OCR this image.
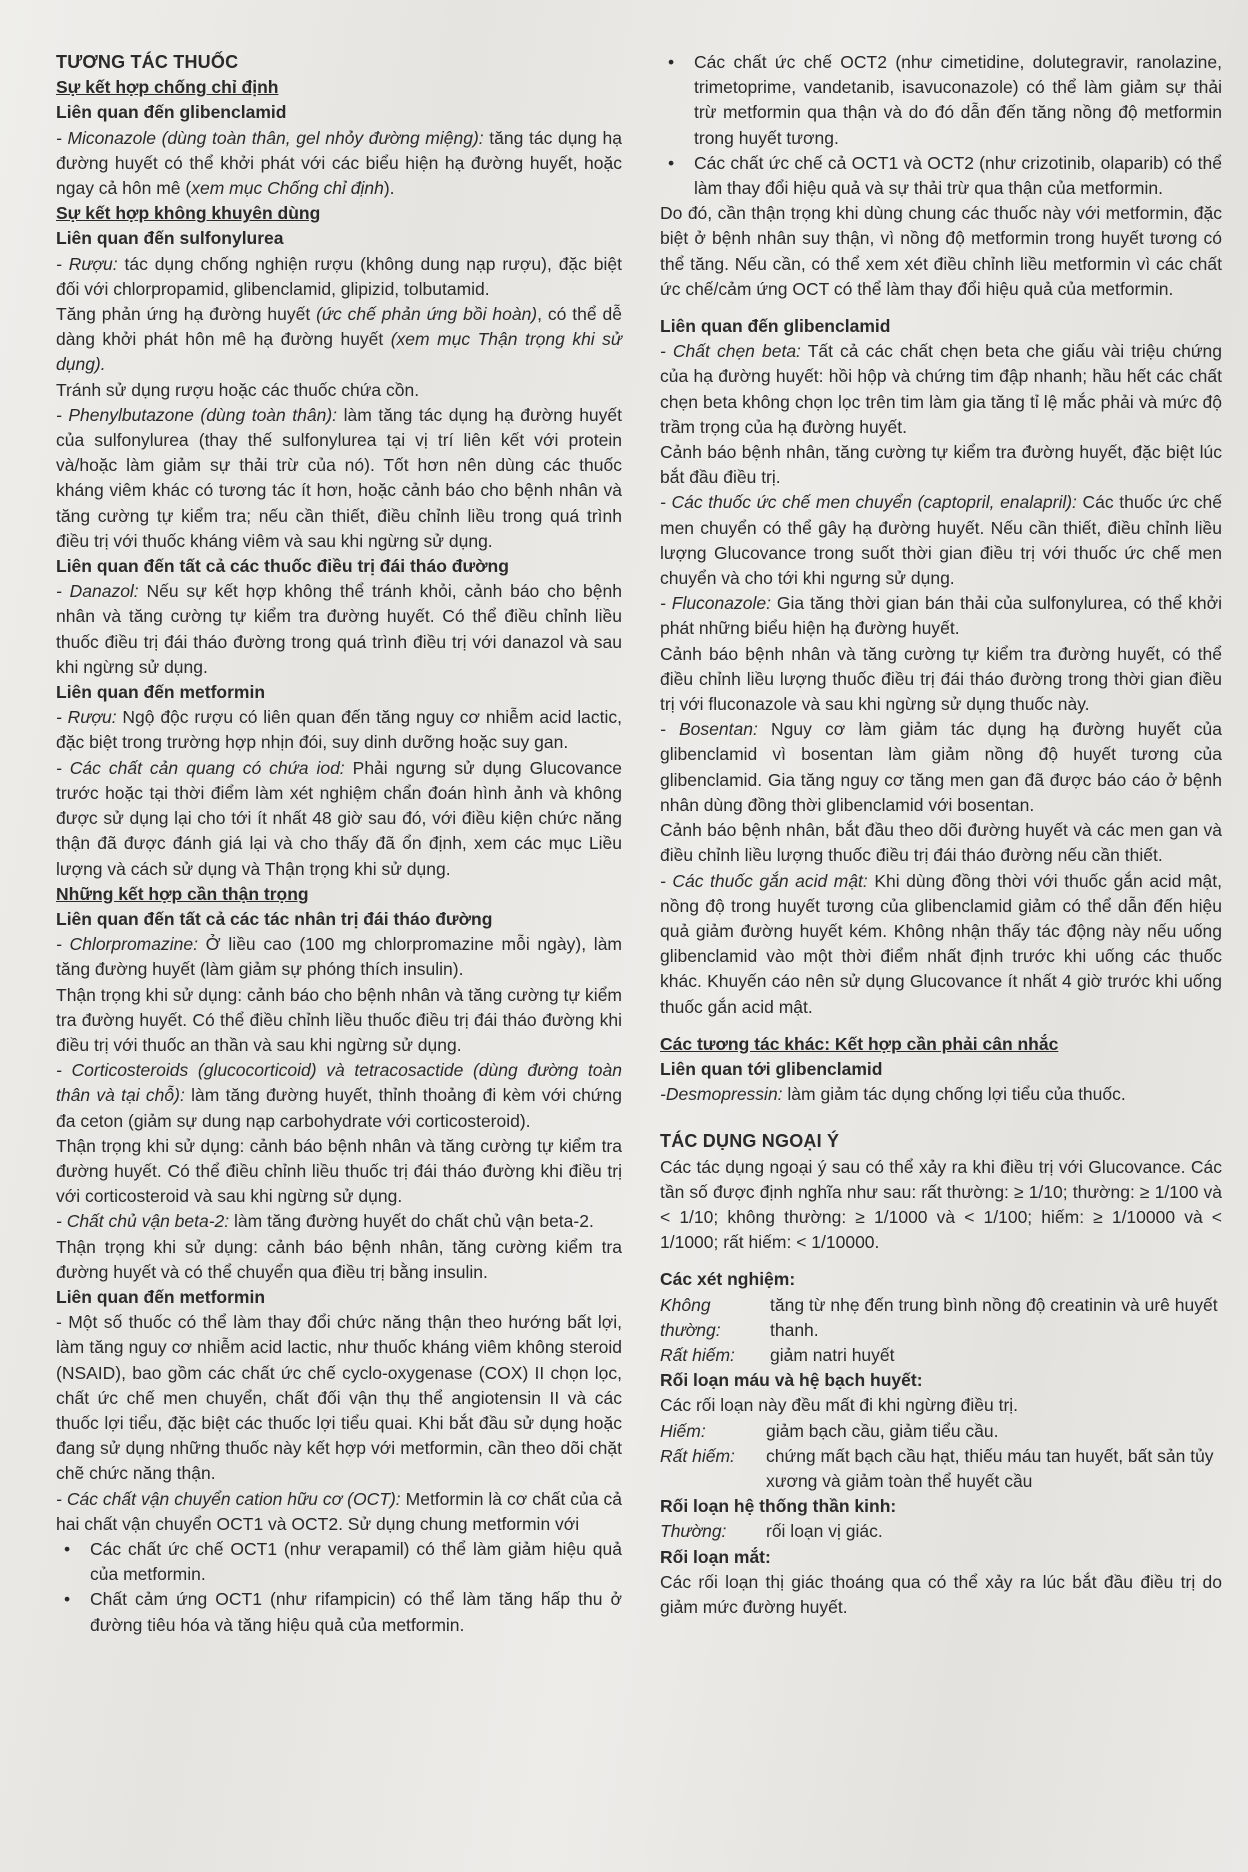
TƯƠNG TÁC THUỐC

Sự kết hợp chống chỉ định

Liên quan đến glibenclamid

- Miconazole (dùng toàn thân, gel nhỏy đường miệng): tăng tác dụng hạ đường huyết có thể khởi phát với các biểu hiện hạ đường huyết, hoặc ngay cả hôn mê (xem mục Chống chỉ định).

Sự kết hợp không khuyên dùng

Liên quan đến sulfonylurea

- Rượu: tác dụng chống nghiện rượu (không dung nạp rượu), đặc biệt đối với chlorpropamid, glibenclamid, glipizid, tolbutamid.

Tăng phản ứng hạ đường huyết (ức chế phản ứng bồi hoàn), có thể dễ dàng khởi phát hôn mê hạ đường huyết (xem mục Thận trọng khi sử dụng).

Tránh sử dụng rượu hoặc các thuốc chứa cồn.

- Phenylbutazone (dùng toàn thân): làm tăng tác dụng hạ đường huyết của sulfonylurea (thay thế sulfonylurea tại vị trí liên kết với protein và/hoặc làm giảm sự thải trừ của nó). Tốt hơn nên dùng các thuốc kháng viêm khác có tương tác ít hơn, hoặc cảnh báo cho bệnh nhân và tăng cường tự kiểm tra; nếu cần thiết, điều chỉnh liều trong quá trình điều trị với thuốc kháng viêm và sau khi ngừng sử dụng.

Liên quan đến tất cả các thuốc điều trị đái tháo đường

- Danazol: Nếu sự kết hợp không thể tránh khỏi, cảnh báo cho bệnh nhân và tăng cường tự kiểm tra đường huyết. Có thể điều chỉnh liều thuốc điều trị đái tháo đường trong quá trình điều trị với danazol và sau khi ngừng sử dụng.

Liên quan đến metformin

- Rượu: Ngộ độc rượu có liên quan đến tăng nguy cơ nhiễm acid lactic, đặc biệt trong trường hợp nhịn đói, suy dinh dưỡng hoặc suy gan.

- Các chất cản quang có chứa iod: Phải ngưng sử dụng Glucovance trước hoặc tại thời điểm làm xét nghiệm chẩn đoán hình ảnh và không được sử dụng lại cho tới ít nhất 48 giờ sau đó, với điều kiện chức năng thận đã được đánh giá lại và cho thấy đã ổn định, xem các mục Liều lượng và cách sử dụng và Thận trọng khi sử dụng.

Những kết hợp cần thận trọng

Liên quan đến tất cả các tác nhân trị đái tháo đường

- Chlorpromazine: Ở liều cao (100 mg chlorpromazine mỗi ngày), làm tăng đường huyết (làm giảm sự phóng thích insulin).

Thận trọng khi sử dụng: cảnh báo cho bệnh nhân và tăng cường tự kiểm tra đường huyết. Có thể điều chỉnh liều thuốc điều trị đái tháo đường khi điều trị với thuốc an thần và sau khi ngừng sử dụng.

- Corticosteroids (glucocorticoid) và tetracosactide (dùng đường toàn thân và tại chỗ): làm tăng đường huyết, thỉnh thoảng đi kèm với chứng đa ceton (giảm sự dung nạp carbohydrate với corticosteroid).

Thận trọng khi sử dụng: cảnh báo bệnh nhân và tăng cường tự kiểm tra đường huyết. Có thể điều chỉnh liều thuốc trị đái tháo đường khi điều trị với corticosteroid và sau khi ngừng sử dụng.

- Chất chủ vận beta-2: làm tăng đường huyết do chất chủ vận beta-2.

Thận trọng khi sử dụng: cảnh báo bệnh nhân, tăng cường kiểm tra đường huyết và có thể chuyển qua điều trị bằng insulin.

Liên quan đến metformin

- Một số thuốc có thể làm thay đổi chức năng thận theo hướng bất lợi, làm tăng nguy cơ nhiễm acid lactic, như thuốc kháng viêm không steroid (NSAID), bao gồm các chất ức chế cyclo-oxygenase (COX) II chọn lọc, chất ức chế men chuyển, chất đối vận thụ thể angiotensin II và các thuốc lợi tiểu, đặc biệt các thuốc lợi tiểu quai. Khi bắt đầu sử dụng hoặc đang sử dụng những thuốc này kết hợp với metformin, cần theo dõi chặt chẽ chức năng thận.

- Các chất vận chuyển cation hữu cơ (OCT): Metformin là cơ chất của cả hai chất vận chuyển OCT1 và OCT2. Sử dụng chung metformin với

• Các chất ức chế OCT1 (như verapamil) có thể làm giảm hiệu quả của metformin.
• Chất cảm ứng OCT1 (như rifampicin) có thể làm tăng hấp thu ở đường tiêu hóa và tăng hiệu quả của metformin.
• Các chất ức chế OCT2 (như cimetidine, dolutegravir, ranolazine, trimetoprime, vandetanib, isavuconazole) có thể làm giảm sự thải trừ metformin qua thận và do đó dẫn đến tăng nồng độ metformin trong huyết tương.
• Các chất ức chế cả OCT1 và OCT2 (như crizotinib, olaparib) có thể làm thay đổi hiệu quả và sự thải trừ qua thận của metformin.

Do đó, cần thận trọng khi dùng chung các thuốc này với metformin, đặc biệt ở bệnh nhân suy thận, vì nồng độ metformin trong huyết tương có thể tăng. Nếu cần, có thể xem xét điều chỉnh liều metformin vì các chất ức chế/cảm ứng OCT có thể làm thay đổi hiệu quả của metformin.

Liên quan đến glibenclamid

- Chất chẹn beta: Tất cả các chất chẹn beta che giấu vài triệu chứng của hạ đường huyết: hồi hộp và chứng tim đập nhanh; hầu hết các chất chẹn beta không chọn lọc trên tim làm gia tăng tỉ lệ mắc phải và mức độ trầm trọng của hạ đường huyết.

Cảnh báo bệnh nhân, tăng cường tự kiểm tra đường huyết, đặc biệt lúc bắt đầu điều trị.

- Các thuốc ức chế men chuyển (captopril, enalapril): Các thuốc ức chế men chuyển có thể gây hạ đường huyết. Nếu cần thiết, điều chỉnh liều lượng Glucovance trong suốt thời gian điều trị với thuốc ức chế men chuyển và cho tới khi ngưng sử dụng.

- Fluconazole: Gia tăng thời gian bán thải của sulfonylurea, có thể khởi phát những biểu hiện hạ đường huyết.

Cảnh báo bệnh nhân và tăng cường tự kiểm tra đường huyết, có thể điều chỉnh liều lượng thuốc điều trị đái tháo đường trong thời gian điều trị với fluconazole và sau khi ngừng sử dụng thuốc này.

- Bosentan: Nguy cơ làm giảm tác dụng hạ đường huyết của glibenclamid vì bosentan làm giảm nồng độ huyết tương của glibenclamid. Gia tăng nguy cơ tăng men gan đã được báo cáo ở bệnh nhân dùng đồng thời glibenclamid với bosentan.

Cảnh báo bệnh nhân, bắt đầu theo dõi đường huyết và các men gan và điều chỉnh liều lượng thuốc điều trị đái tháo đường nếu cần thiết.

- Các thuốc gắn acid mật: Khi dùng đồng thời với thuốc gắn acid mật, nồng độ trong huyết tương của glibenclamid giảm có thể dẫn đến hiệu quả giảm đường huyết kém. Không nhận thấy tác động này nếu uống glibenclamid vào một thời điểm nhất định trước khi uống các thuốc khác. Khuyến cáo nên sử dụng Glucovance ít nhất 4 giờ trước khi uống thuốc gắn acid mật.

Các tương tác khác: Kết hợp cần phải cân nhắc

Liên quan tới glibenclamid

-Desmopressin: làm giảm tác dụng chống lợi tiểu của thuốc.

TÁC DỤNG NGOẠI Ý

Các tác dụng ngoại ý sau có thể xảy ra khi điều trị với Glucovance. Các tần số được định nghĩa như sau: rất thường: ≥ 1/10; thường: ≥ 1/100 và < 1/10; không thường: ≥ 1/1000 và < 1/100; hiếm: ≥ 1/10000 và < 1/1000; rất hiếm: < 1/10000.

Các xét nghiệm:

Không thường:
tăng từ nhẹ đến trung bình nồng độ creatinin và urê huyết thanh.
Rất hiếm:	giảm natri huyết

Rối loạn máu và hệ bạch huyết:

Các rối loạn này đều mất đi khi ngừng điều trị.

Hiếm:	giảm bạch cầu, giảm tiểu cầu.
Rất hiếm:	chứng mất bạch cầu hạt, thiếu máu tan huyết, bất sản tủy xương và giảm toàn thể huyết cầu

Rối loạn hệ thống thần kinh:

Thường:	rối loạn vị giác.

Rối loạn mắt:

Các rối loạn thị giác thoáng qua có thể xảy ra lúc bắt đầu điều trị do giảm mức đường huyết.
